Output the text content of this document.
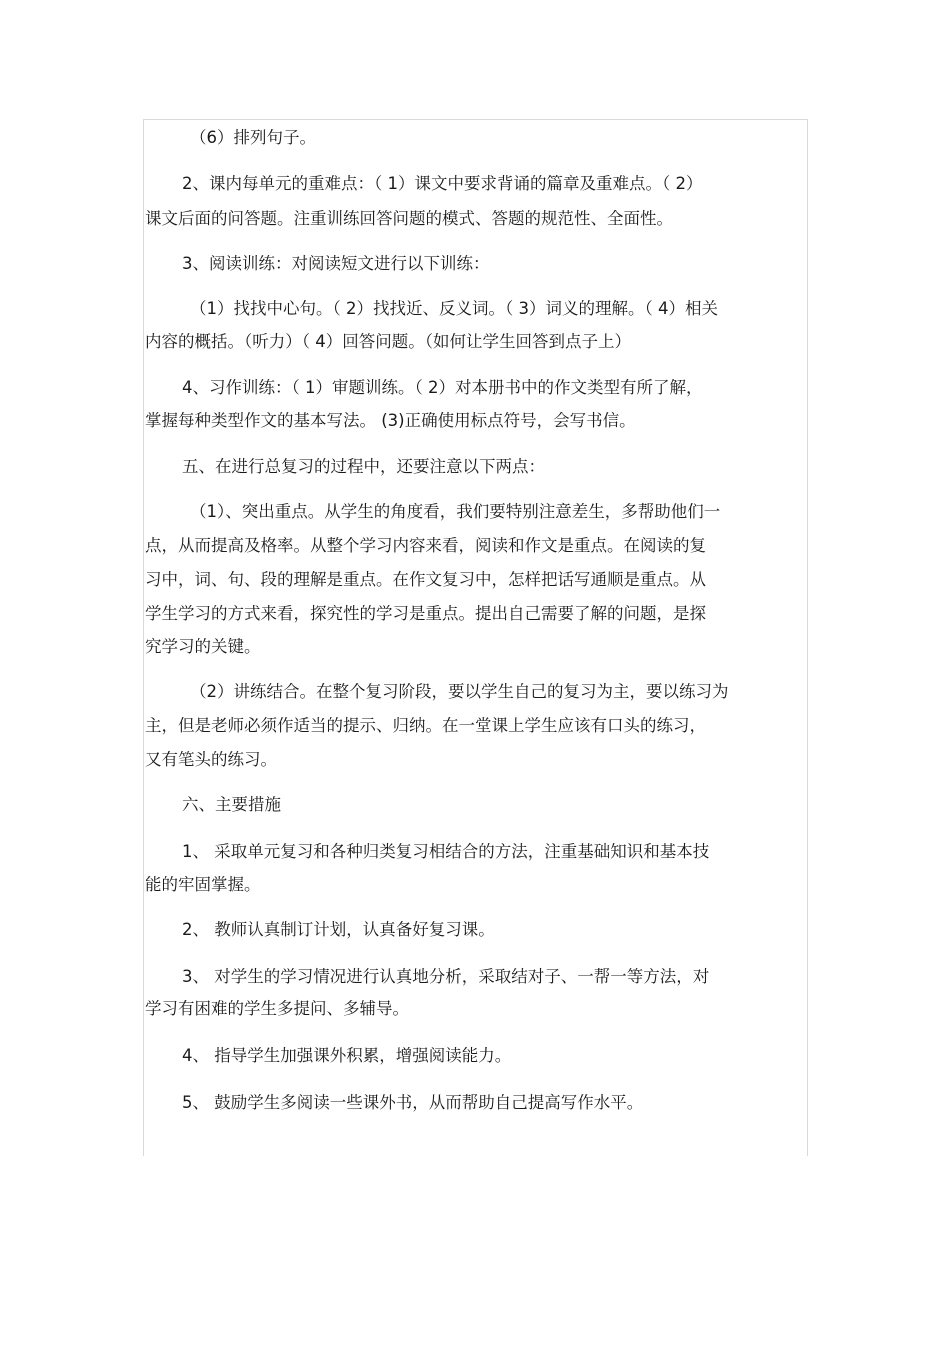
（6）排列句子。
2、课内每单元的重难点：（ 1）课文中要求背诵的篇章及重难点。（ 2）
课文后面的问答题。注重训练回答问题的模式、答题的规范性、全面性。
3、阅读训练：对阅读短文进行以下训练：
（1）找找中心句。（ 2）找找近、反义词。（ 3）词义的理解。（ 4）相关
内容的概括。（听力）（ 4）回答问题。（如何让学生回答到点子上）
4、习作训练：（ 1）审题训练。（ 2）对本册书中的作文类型有所了解，
掌握每种类型作文的基本写法。 (3)正确使用标点符号，会写书信。
五、在进行总复习的过程中，还要注意以下两点：
（1）、突出重点。从学生的角度看，我们要特别注意差生，多帮助他们一
点，从而提高及格率。从整个学习内容来看，阅读和作文是重点。在阅读的复
习中，词、句、段的理解是重点。在作文复习中，怎样把话写通顺是重点。从
学生学习的方式来看，探究性的学习是重点。提出自己需要了解的问题，是探
究学习的关键。
（2）讲练结合。在整个复习阶段，要以学生自己的复习为主，要以练习为
主，但是老师必须作适当的提示、归纳。在一堂课上学生应该有口头的练习，
又有笔头的练习。
六、主要措施
1、 采取单元复习和各种归类复习相结合的方法，注重基础知识和基本技
能的牢固掌握。
2、 教师认真制订计划，认真备好复习课。
3、 对学生的学习情况进行认真地分析，采取结对子、一帮一等方法，对
学习有困难的学生多提问、多辅导。
4、 指导学生加强课外积累，增强阅读能力。
5、 鼓励学生多阅读一些课外书，从而帮助自己提高写作水平。
